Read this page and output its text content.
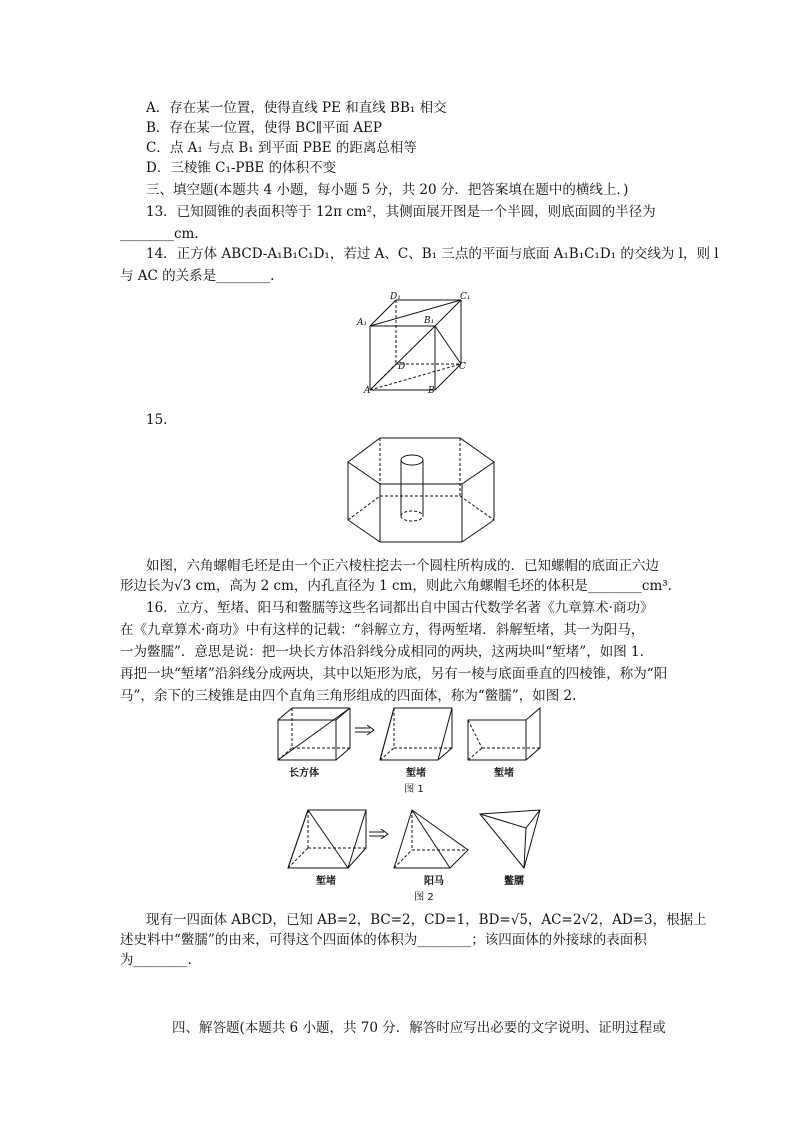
A．存在某一位置，使得直线 PE 和直线 BB₁ 相交
B．存在某一位置，使得 BC∥平面 AEP
C．点 A₁ 与点 B₁ 到平面 PBE 的距离总相等
D．三棱锥 C₁-PBE 的体积不变
三、填空题(本题共 4 小题，每小题 5 分，共 20 分．把答案填在题中的横线上．)
13．已知圆锥的表面积等于 12π cm²，其侧面展开图是一个半圆，则底面圆的半径为
________cm.
14．正方体 ABCD-A₁B₁C₁D₁，若过 A、C、B₁ 三点的平面与底面 A₁B₁C₁D₁ 的交线为 l，则 l
与 AC 的关系是________.
D₁	C₁
A₁	B₁
D	C
A	B
15.
如图，六角螺帽毛坯是由一个正六棱柱挖去一个圆柱所构成的．已知螺帽的底面正六边
形边长为√3 cm，高为 2 cm，内孔直径为 1 cm，则此六角螺帽毛坯的体积是________cm³.
16．立方、堑堵、阳马和鳖臑等这些名词都出自中国古代数学名著《九章算术·商功》
在《九章算术·商功》中有这样的记载：“斜解立方，得两堑堵．斜解堑堵，其一为阳马，
一为鳖臑”．意思是说：把一块长方体沿斜线分成相同的两块，这两块叫“堑堵”，如图 1.
再把一块“堑堵”沿斜线分成两块，其中以矩形为底，另有一棱与底面垂直的四棱锥，称为“阳
马”，余下的三棱锥是由四个直角三角形组成的四面体，称为“鳖臑”，如图 2.
长方体	堑堵	堑堵
图 1
堑堵	阳马	鳖臑
图 2
现有一四面体 ABCD，已知 AB=2，BC=2，CD=1，BD=√5，AC=2√2，AD=3，根据上
述史料中“鳖臑”的由来，可得这个四面体的体积为________；该四面体的外接球的表面积
为________.
四、解答题(本题共 6 小题，共 70 分．解答时应写出必要的文字说明、证明过程或
